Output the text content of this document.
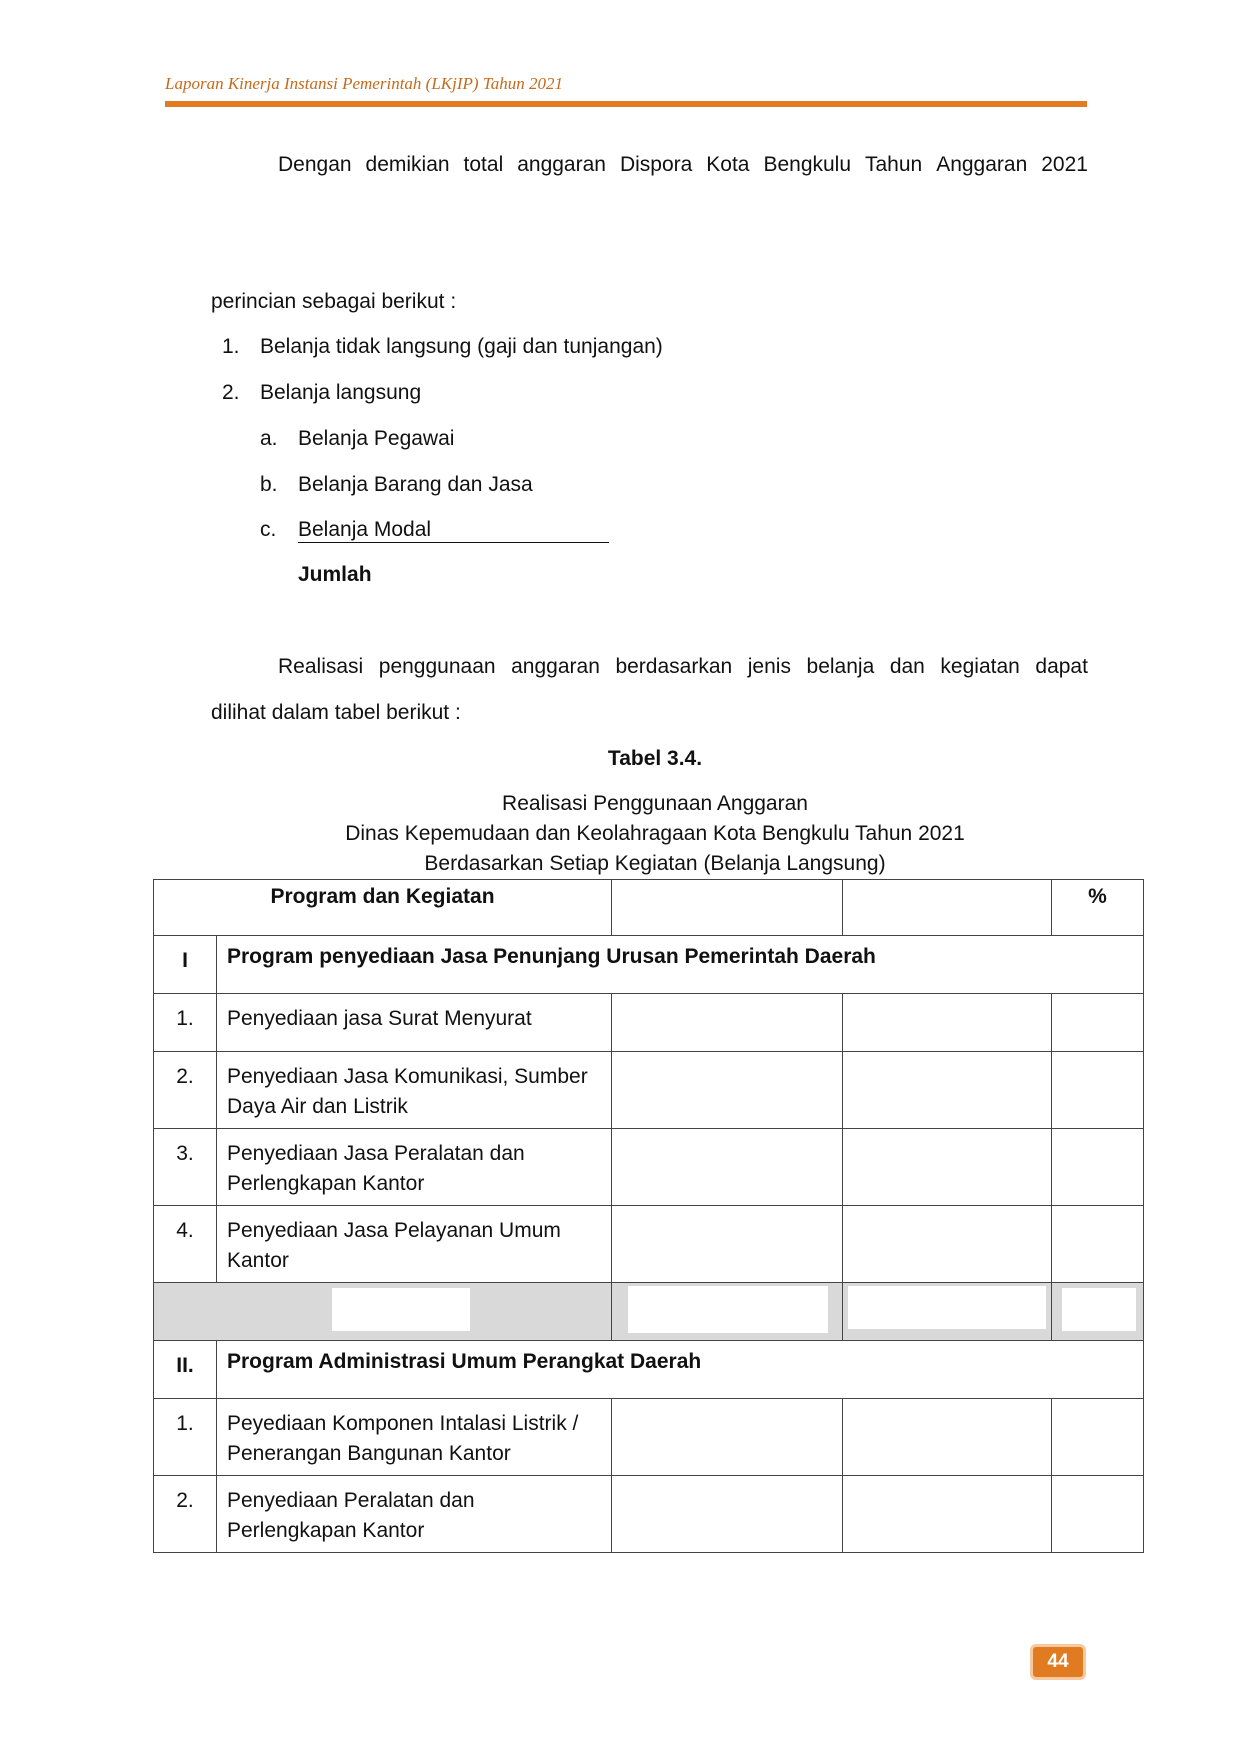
Laporan Kinerja Instansi Pemerintah (LKjIP) Tahun 2021
Dengan demikian total anggaran Dispora Kota Bengkulu Tahun Anggaran 2021
perincian sebagai berikut :
1. Belanja tidak langsung (gaji dan tunjangan)
2. Belanja langsung
a. Belanja Pegawai
b. Belanja Barang dan Jasa
c. Belanja Modal
Jumlah
Realisasi penggunaan anggaran berdasarkan jenis belanja dan kegiatan dapat
dilihat dalam tabel berikut :
Tabel 3.4.
Realisasi Penggunaan Anggaran
Dinas Kepemudaan dan Keolahragaan Kota Bengkulu Tahun 2021
Berdasarkan Setiap Kegiatan (Belanja Langsung)
Program dan Kegiatan				%
I	Program penyediaan Jasa Penunjang Urusan Pemerintah Daerah			
1.	Penyediaan jasa Surat Menyurat			
2.	Penyediaan Jasa Komunikasi, Sumber Daya Air dan Listrik			
3.	Penyediaan Jasa Peralatan dan Perlengkapan Kantor			
4.	Penyediaan Jasa Pelayanan Umum Kantor			

II.	Program Administrasi Umum Perangkat Daerah			
1.	Peyediaan Komponen Intalasi Listrik / Penerangan Bangunan Kantor			
2.	Penyediaan Peralatan dan Perlengkapan Kantor			
44
